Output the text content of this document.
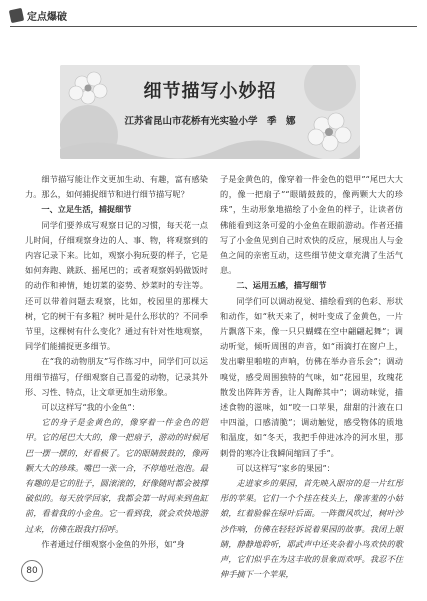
定点爆破
细节描写小妙招
江苏省昆山市花桥有光实验小学　季　娜

细节描写能让作文更加生动、有趣，富有感染力。那么，如何捕捉细节和进行细节描写呢？

一、立足生活，捕捉细节

同学们要养成写观察日记的习惯，每天花一点儿时间，仔细观察身边的人、事、物，将观察到的内容记录下来。比如，观察小狗玩耍的样子，它是如何奔跑、跳跃、摇尾巴的；或者观察妈妈做饭时的动作和神情，她切菜的姿势、炒菜时的专注等。还可以带着问题去观察，比如，校园里的那棵大树，它的树干有多粗？树叶是什么形状的？不同季节里，这棵树有什么变化？通过有针对性地观察，同学们能捕捉更多细节。

在“我的动物朋友”写作练习中，同学们可以运用细节描写，仔细观察自己喜爱的动物，记录其外形、习性、特点，让文章更加生动形象。

可以这样写“我的小金鱼”：

它的身子是金黄色的，像穿着一件金色的铠甲。它的尾巴大大的，像一把扇子，游动的时候尾巴一摆一摆的，好看极了。它的眼睛鼓鼓的，像两颗大大的珍珠。嘴巴一张一合，不停地吐泡泡。最有趣的是它的肚子，圆滚滚的，好像随时都会被撑破似的。每天放学回家，我都会第一时间来到鱼缸前，看着我的小金鱼。它一看到我，就会欢快地游过来，仿佛在跟我打招呼。

作者通过仔细观察小金鱼的外形，如“身

子是金黄色的，像穿着一件金色的铠甲”“尾巴大大的，像一把扇子”“眼睛鼓鼓的，像两颗大大的珍珠”，生动形象地描绘了小金鱼的样子，让读者仿佛能看到这条可爱的小金鱼在眼前游动。作者还描写了小金鱼见到自己时欢快的反应，展现出人与金鱼之间的亲密互动，这些细节使文章充满了生活气息。

二、运用五感，描写细节

同学们可以调动视觉、描绘看到的色彩、形状和动作，如“秋天来了，树叶变成了金黄色，一片片飘落下来，像一只只蝴蝶在空中翩翩起舞”；调动听觉，倾听周围的声音，如“雨滴打在窗户上，发出噼里啪啦的声响，仿佛在举办音乐会”；调动嗅觉，感受周围独特的气味，如“花园里，玫瑰花散发出阵阵芳香，让人陶醉其中”；调动味觉，描述食物的滋味，如“咬一口苹果，甜甜的汁液在口中四溢，口感清脆”；调动触觉，感受物体的质地和温度，如“冬天，我把手伸进冰冷的河水里，那刺骨的寒冷让我瞬间缩回了手”。

可以这样写“家乡的果园”：

走进家乡的果园，首先映入眼帘的是一片红彤彤的苹果。它们一个个挂在枝头上，像害羞的小姑娘，红着脸躲在绿叶后面。一阵微风吹过，树叶沙沙作响，仿佛在轻轻诉说着果园的故事。我闭上眼睛，静静地聆听，耶武声中还夹杂着小鸟欢快的歌声，它们似乎在为这丰收的景象而欢呼。我忍不住伸手摘下一个苹果，

80
